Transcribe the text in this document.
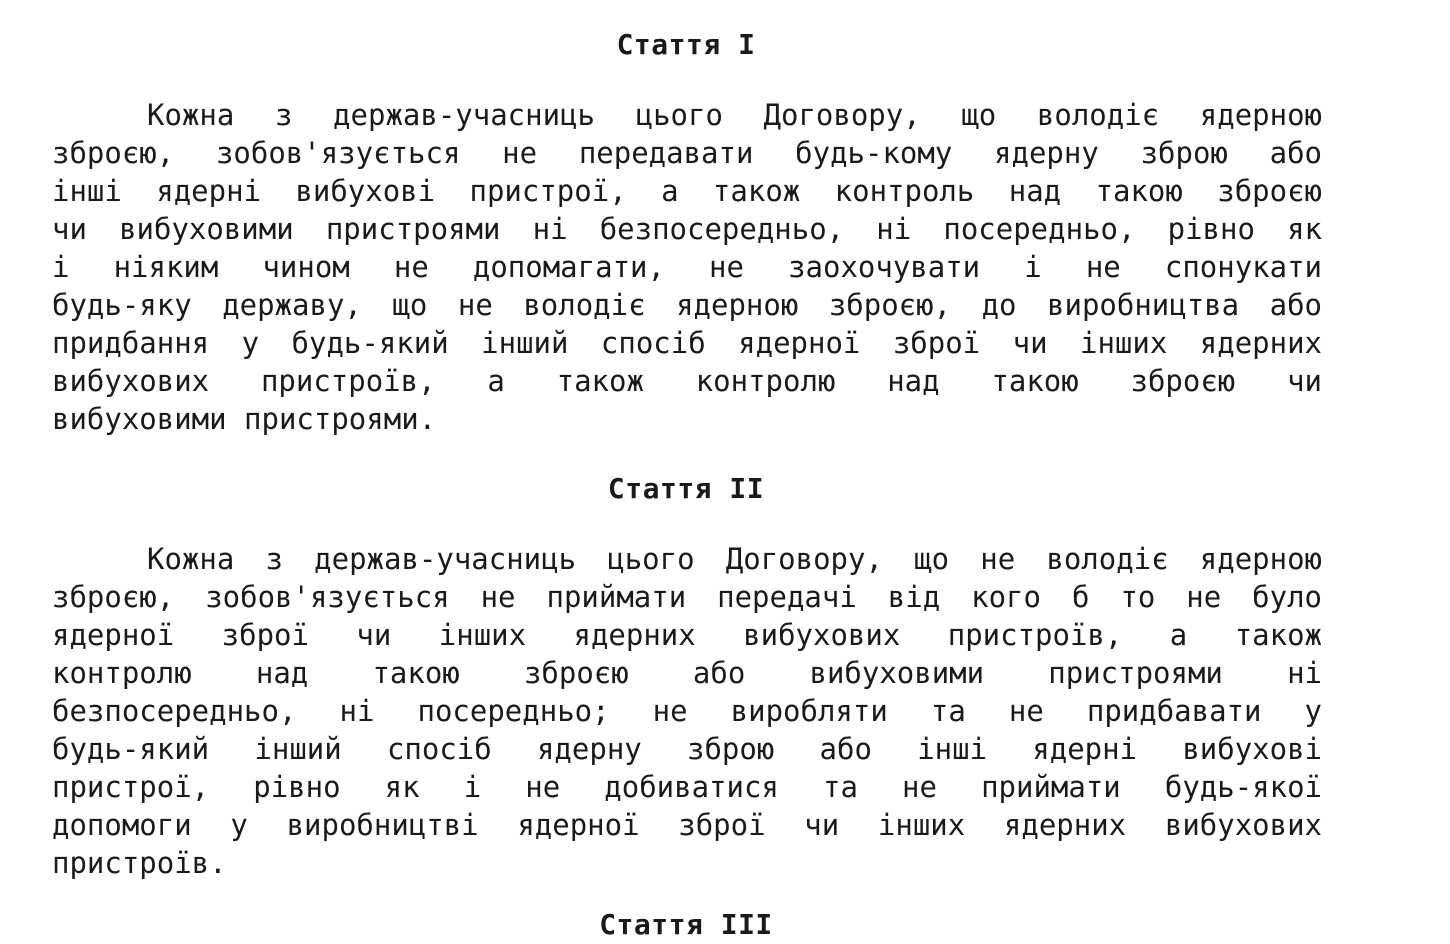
Стаття I
Кожна з держав-учасниць цього Договору, що володіє ядерною
зброєю, зобов'язується не передавати будь-кому ядерну зброю або
інші ядерні вибухові пристрої, а також контроль над такою зброєю
чи вибуховими пристроями ні безпосередньо, ні посередньо, рівно як
і ніяким чином не допомагати, не заохочувати і не спонукати
будь-яку державу, що не володіє ядерною зброєю, до виробництва або
придбання у будь-який інший спосіб ядерної зброї чи інших ядерних
вибухових пристроїв, а також контролю над такою зброєю чи
вибуховими пристроями.
Стаття II
Кожна з держав-учасниць цього Договору, що не володіє ядерною
зброєю, зобов'язується не приймати передачі від кого б то не було
ядерної зброї чи інших ядерних вибухових пристроїв, а також
контролю над такою зброєю або вибуховими пристроями ні
безпосередньо, ні посередньо; не виробляти та не придбавати у
будь-який інший спосіб ядерну зброю або інші ядерні вибухові
пристрої, рівно як і не добиватися та не приймати будь-якої
допомоги у виробництві ядерної зброї чи інших ядерних вибухових
пристроїв.
Стаття III
